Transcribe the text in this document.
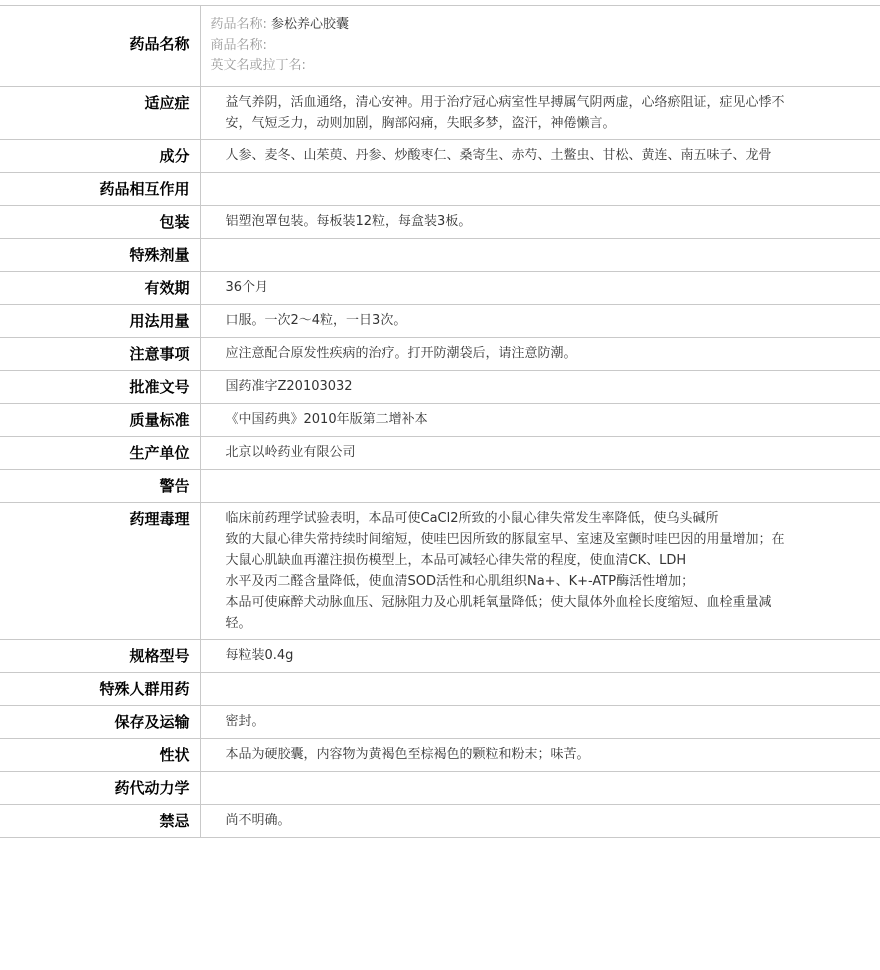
药品名称	药品名称: 参松养心胶囊
商品名称:
英文名或拉丁名:

适应症	益气养阴，活血通络，清心安神。用于治疗冠心病室性早搏属气阴两虚，心络瘀阻证，症见心悸不安，气短乏力，动则加剧，胸部闷痛，失眠多梦，盗汗，神倦懒言。
成分	人参、麦冬、山茱萸、丹参、炒酸枣仁、桑寄生、赤芍、土鳖虫、甘松、黄连、南五味子、龙骨
药品相互作用	
包装	铝塑泡罩包装。每板装12粒，每盒装3板。
特殊剂量	
有效期	36个月
用法用量	口服。一次2～4粒，一日3次。
注意事项	应注意配合原发性疾病的治疗。打开防潮袋后，请注意防潮。
批准文号	国药准字Z20103032
质量标准	《中国药典》2010年版第二增补本
生产单位	北京以岭药业有限公司
警告	
药理毒理	临床前药理学试验表明，本品可使CaCl2所致的小鼠心律失常发生率降低，使乌头碱所
致的大鼠心律失常持续时间缩短，使哇巴因所致的豚鼠室早、室速及室颤时哇巴因的用量增加；在大鼠心肌缺血再灌注损伤模型上，本品可减轻心律失常的程度，使血清CK、LDH
水平及丙二醛含量降低，使血清SOD活性和心肌组织Na+、K+-ATP酶活性增加；
本品可使麻醉犬动脉血压、冠脉阻力及心肌耗氧量降低；使大鼠体外血栓长度缩短、血栓重量减轻。
规格型号	每粒装0.4g
特殊人群用药	
保存及运输	密封。
性状	本品为硬胶囊，内容物为黄褐色至棕褐色的颗粒和粉末；味苦。
药代动力学	
禁忌	尚不明确。
